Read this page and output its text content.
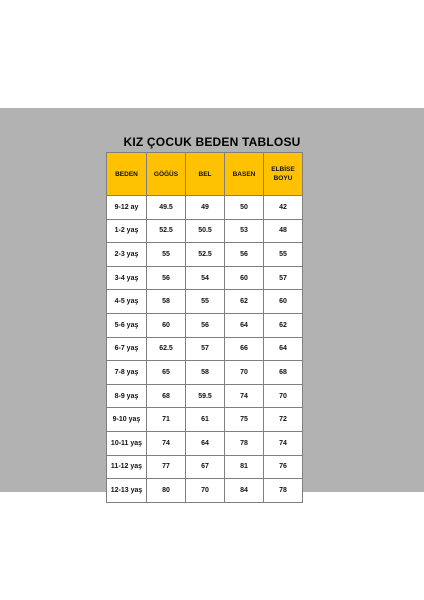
KIZ ÇOCUK BEDEN TABLOSU
BEDEN	GÖĞÜS	BEL	BASEN	ELBİSE BOYU
9-12 ay	49.5	49	50	42
1-2 yaş	52.5	50.5	53	48
2-3 yaş	55	52.5	56	55
3-4 yaş	56	54	60	57
4-5 yaş	58	55	62	60
5-6 yaş	60	56	64	62
6-7 yaş	62.5	57	66	64
7-8 yaş	65	58	70	68
8-9 yaş	68	59.5	74	70
9-10 yaş	71	61	75	72
10-11 yaş	74	64	78	74
11-12 yaş	77	67	81	76
12-13 yaş	80	70	84	78
